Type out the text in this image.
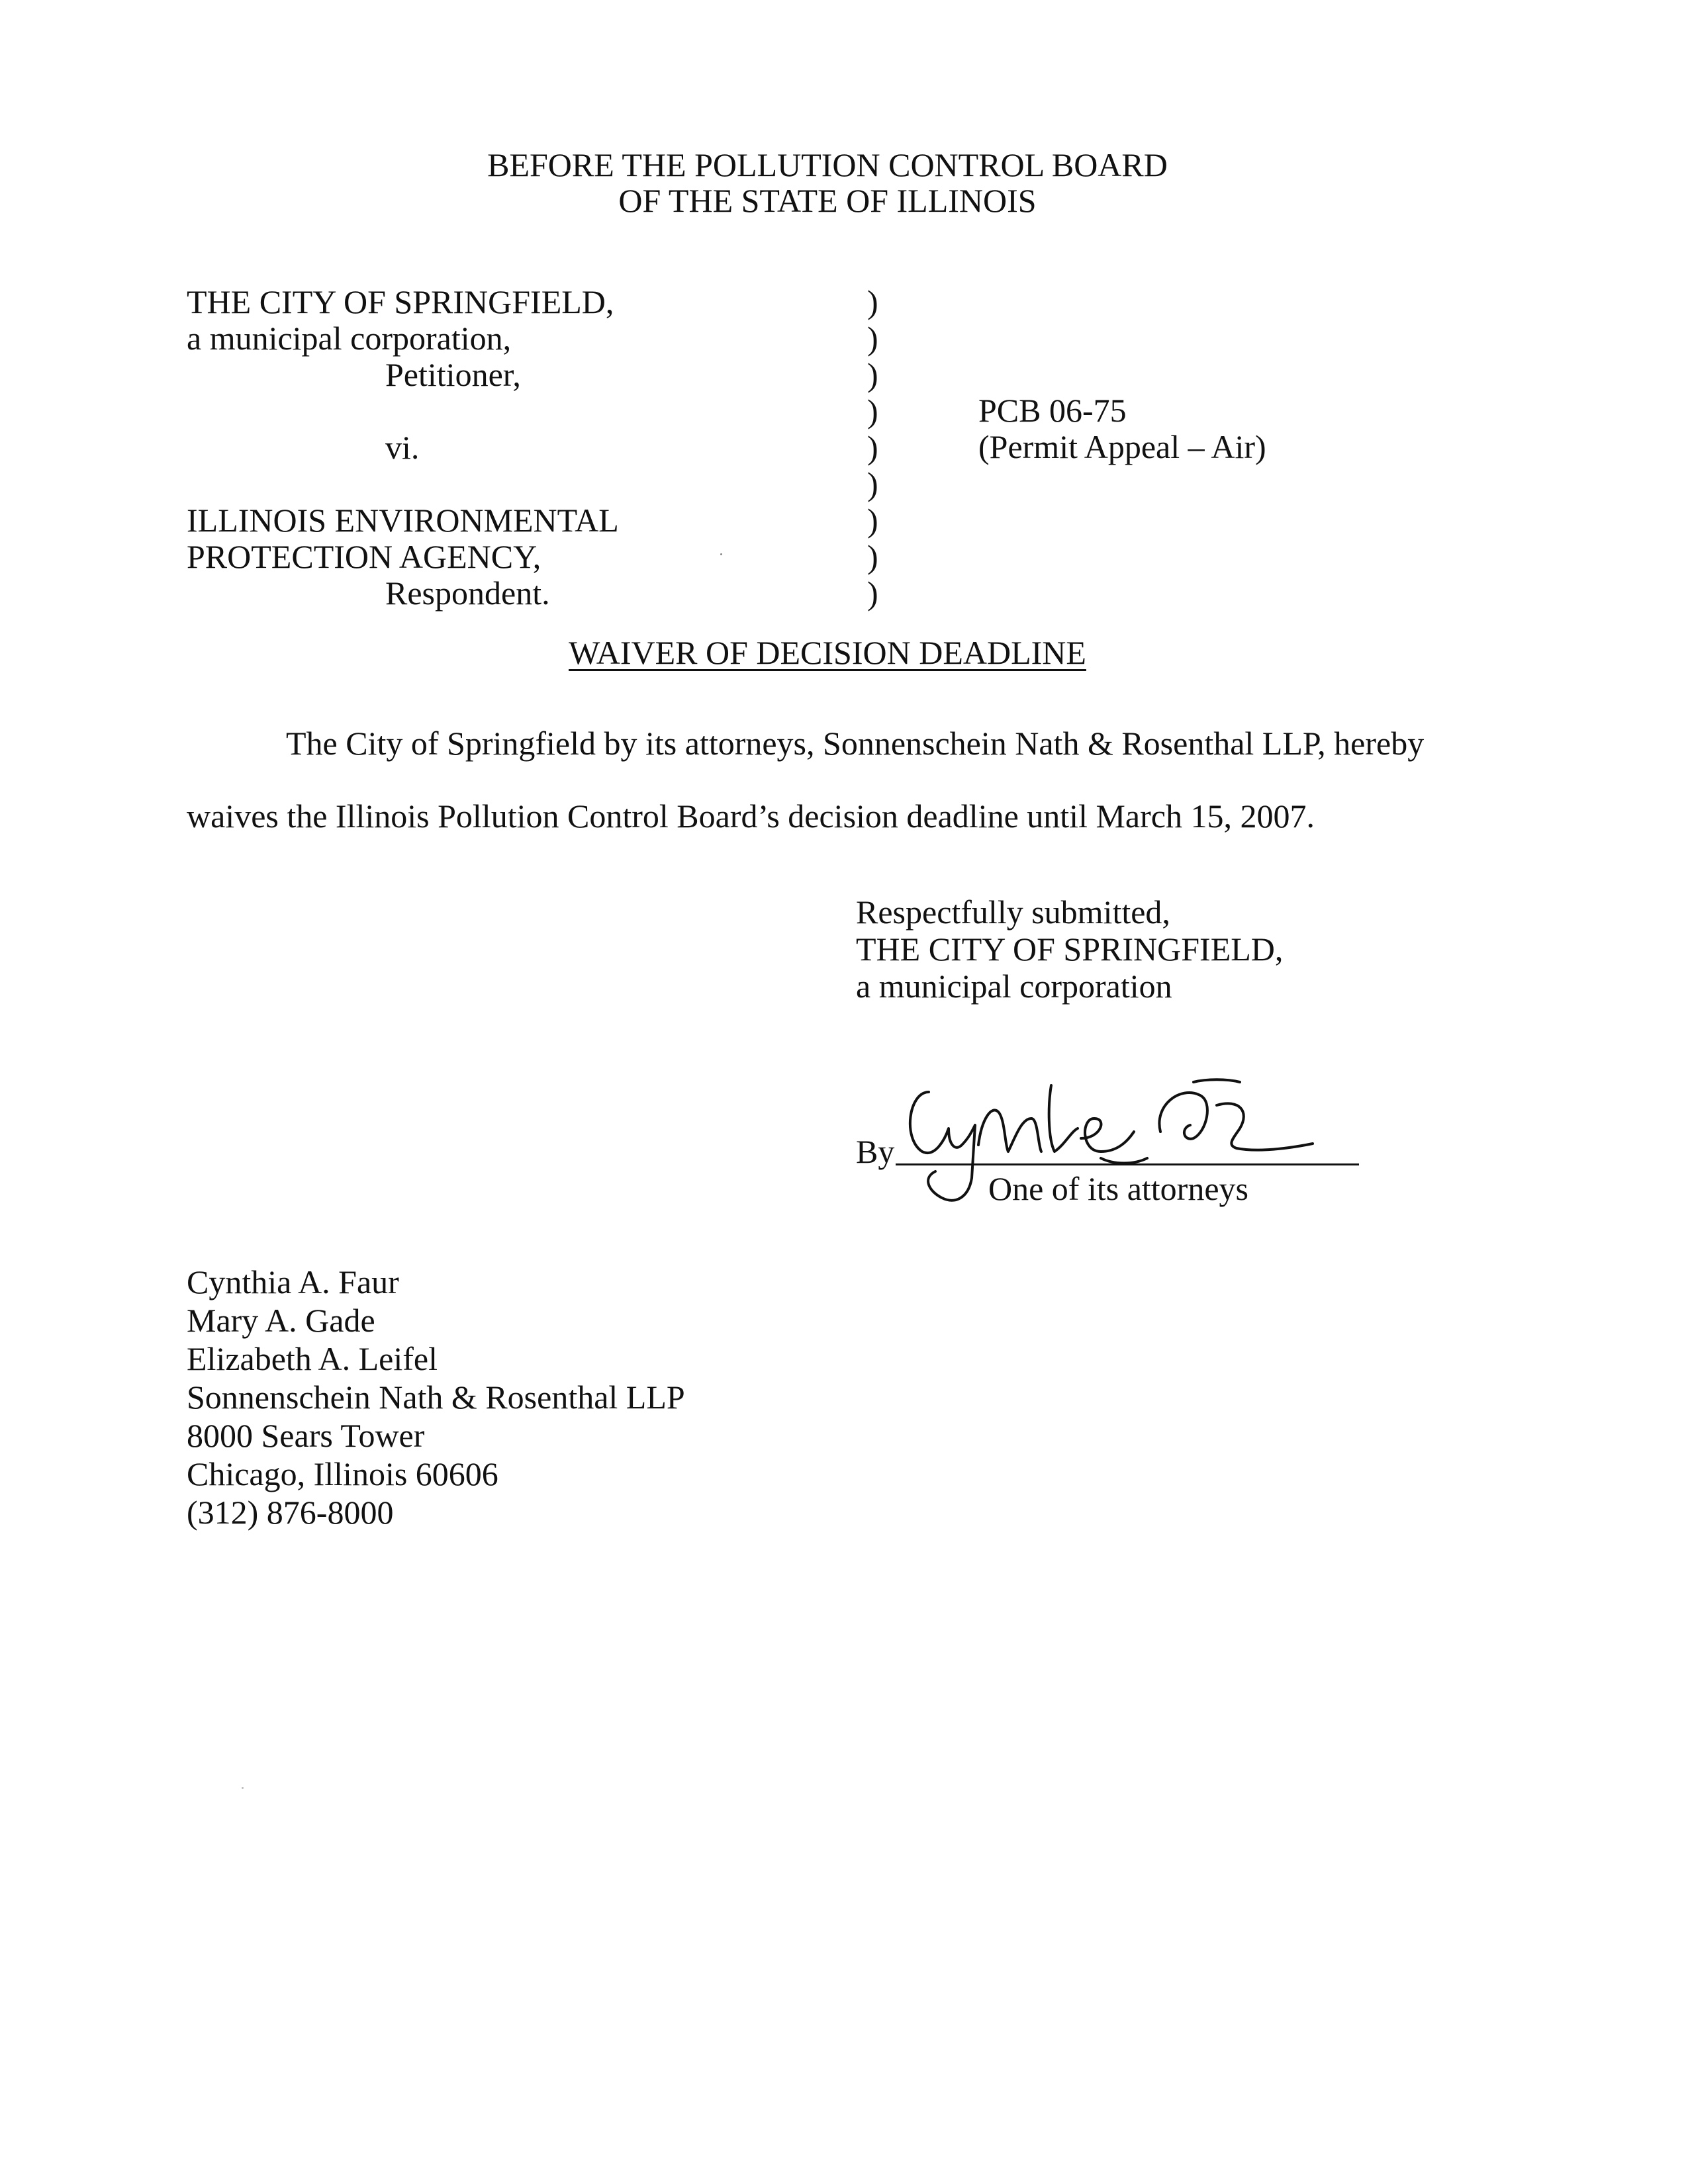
BEFORE THE POLLUTION CONTROL BOARD
OF THE STATE OF ILLINOIS
THE CITY OF SPRINGFIELD,
a municipal corporation,
Petitioner,
vi.
ILLINOIS ENVIRONMENTAL
PROTECTION AGENCY,
Respondent.
)
)
)
)
)
)
)
)
)
PCB 06-75
(Permit Appeal – Air)
WAIVER OF DECISION DEADLINE
The City of Springfield by its attorneys, Sonnenschein Nath & Rosenthal LLP, hereby
waives the Illinois Pollution Control Board’s decision deadline until March 15, 2007.
Respectfully submitted,
THE CITY OF SPRINGFIELD,
a municipal corporation
By
One of its attorneys
Cynthia A. Faur
Mary A. Gade
Elizabeth A. Leifel
Sonnenschein Nath & Rosenthal LLP
8000 Sears Tower
Chicago, Illinois 60606
(312) 876-8000
